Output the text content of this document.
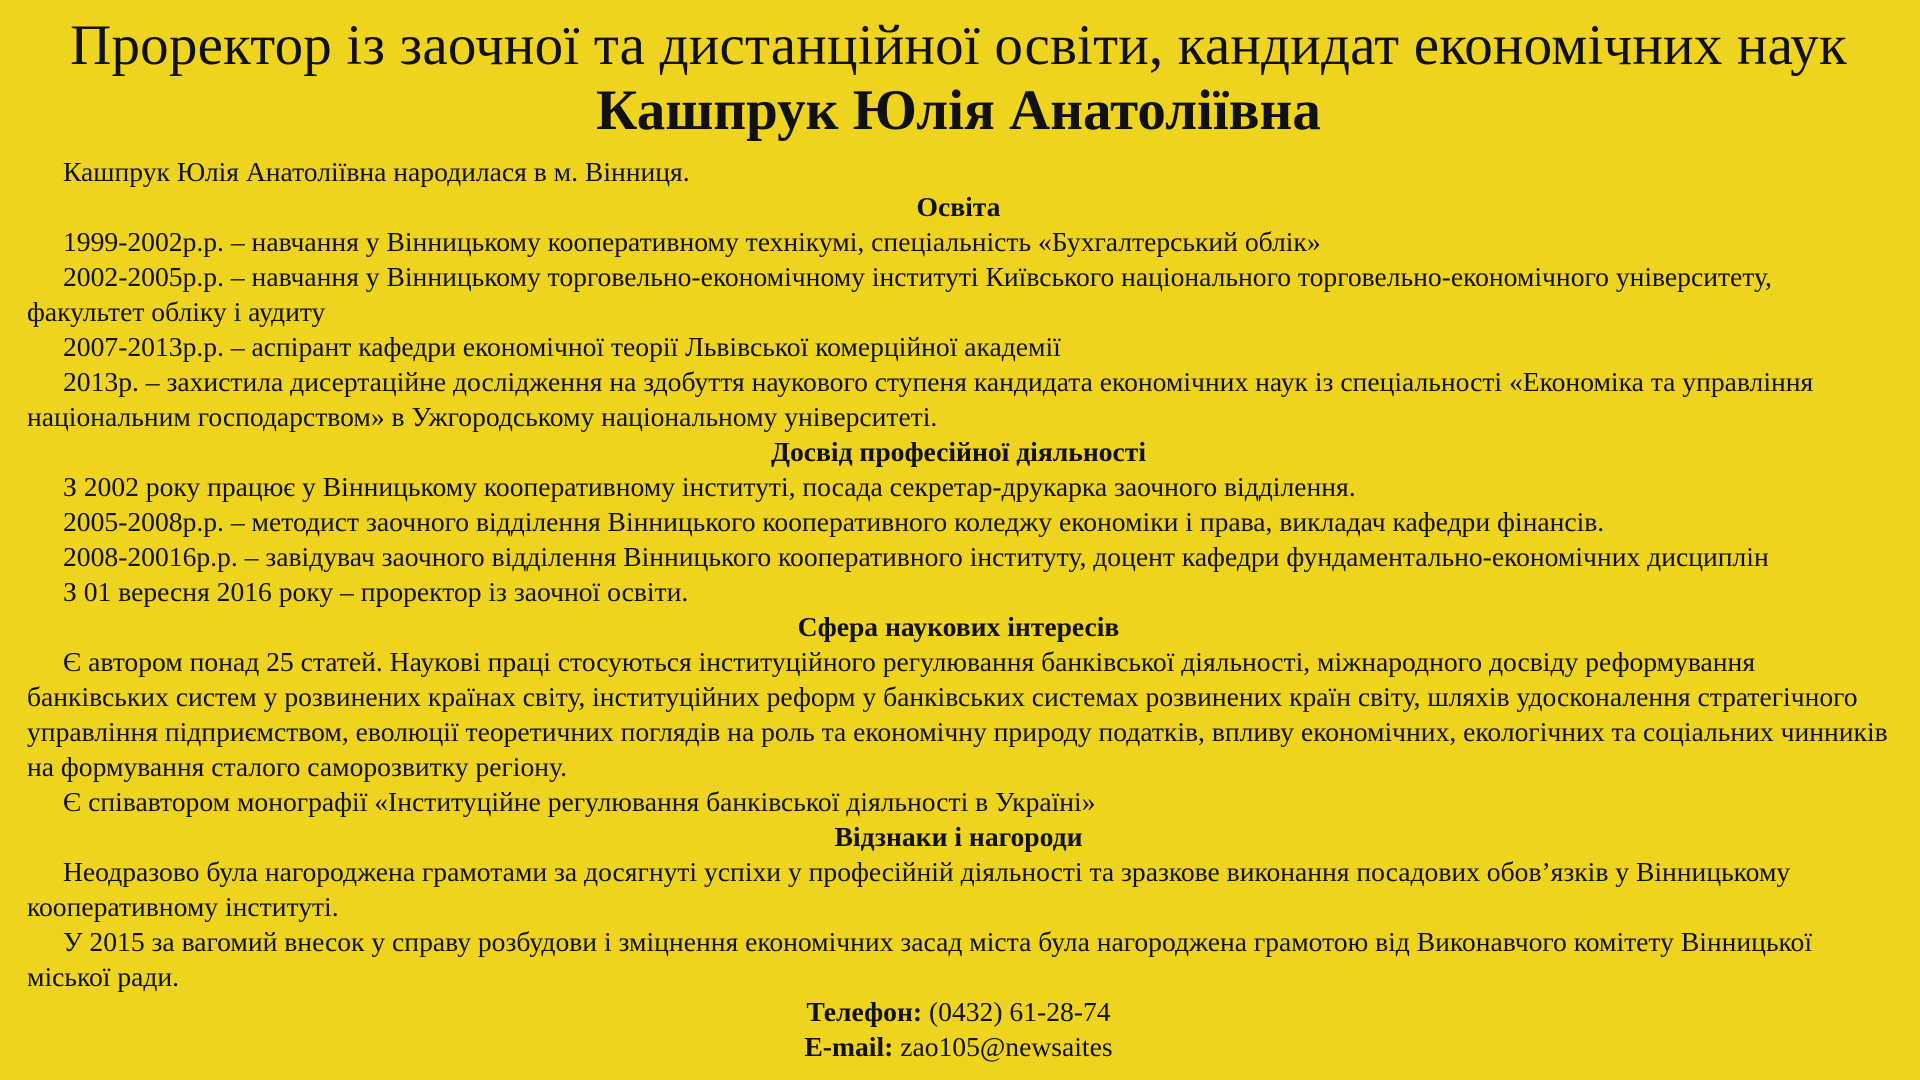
Проректор із заочної та дистанційної освіти, кандидат економічних наук
Кашпрук Юлія Анатоліївна

Кашпрук Юлія Анатоліївна народилася в м. Вінниця.

Освіта

1999-2002р.р. – навчання у Вінницькому кооперативному технікумі, спеціальність «Бухгалтерський облік»

2002-2005р.р. – навчання у Вінницькому торговельно-економічному інституті Київського національного торговельно-економічного університету, факультет обліку і аудиту

2007-2013р.р. – аспірант кафедри економічної теорії Львівської комерційної академії

2013р. – захистила дисертаційне дослідження на здобуття наукового ступеня кандидата економічних наук із спеціальності «Економіка та управління національним господарством» в Ужгородському національному університеті.

Досвід професійної діяльності

З 2002 року працює у Вінницькому кооперативному інституті, посада секретар-друкарка заочного відділення.

2005-2008р.р. – методист заочного відділення Вінницького кооперативного коледжу економіки і права, викладач кафедри фінансів.

2008-20016р.р. – завідувач заочного відділення Вінницького кооперативного інституту, доцент кафедри фундаментально-економічних дисциплін

З 01 вересня 2016 року – проректор із заочної освіти.

Сфера наукових інтересів

Є автором понад 25 статей. Наукові праці стосуються інституційного регулювання банківської діяльності, міжнародного досвіду реформування банківських систем у розвинених країнах світу, інституційних реформ у банківських системах розвинених країн світу, шляхів удосконалення стратегічного управління підприємством, еволюції теоретичних поглядів на роль та економічну природу податків, впливу економічних, екологічних та соціальних чинників на формування сталого саморозвитку регіону.

Є співавтором монографії «Інституційне регулювання банківської діяльності в Україні»

Відзнаки і нагороди

Неодразово була нагороджена грамотами за досягнуті успіхи у професійній діяльності та зразкове виконання посадових обов’язків у Вінницькому кооперативному інституті.

У 2015 за вагомий внесок у справу розбудови і зміцнення економічних засад міста була нагороджена грамотою від Виконавчого комітету Вінницької міської ради.

Телефон: (0432) 61-28-74

E-mail: zao105@newsaites
